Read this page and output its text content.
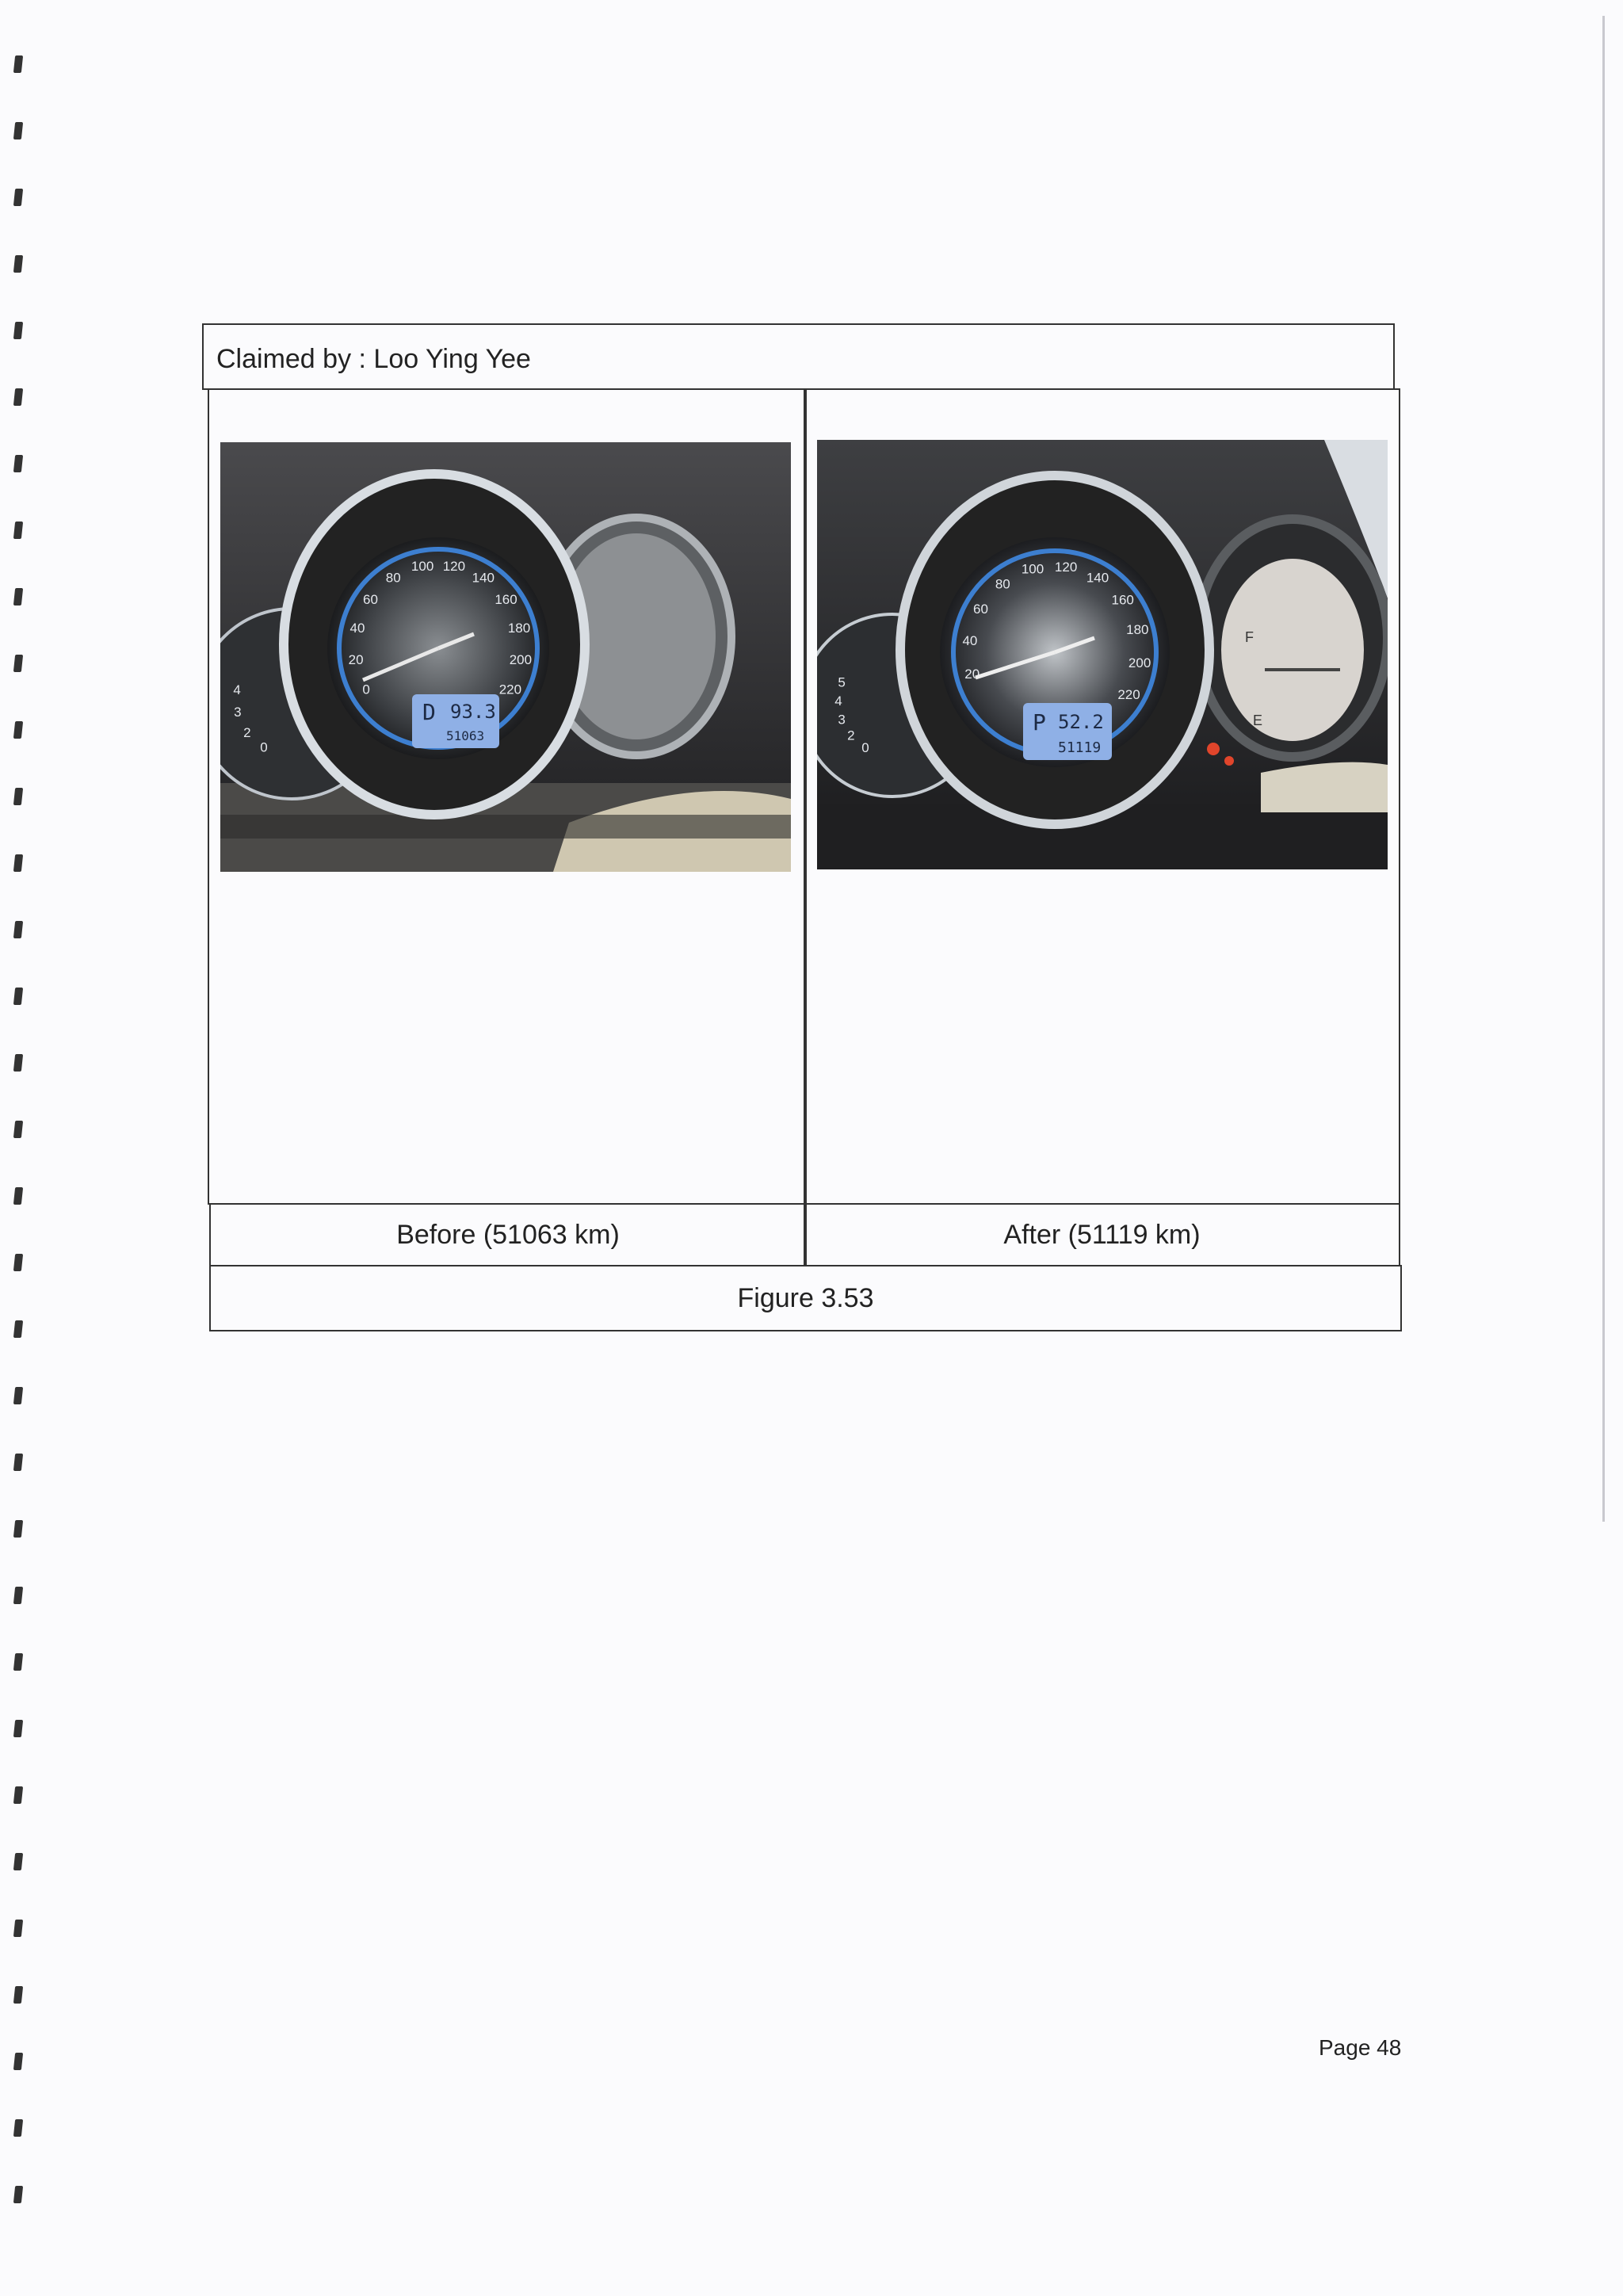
Claimed by : Loo Ying Yee
Before (51063 km)	After (51119 km)
Figure 3.53
0
20
40
60
80
100 120
140
160
180
200
220
D 93.3
51063
0
2
3
4
F
E
20
40
60
80
100 120
140
160
180
200
220
P 52.2
51119
0
2
3
4
5
Page 48
